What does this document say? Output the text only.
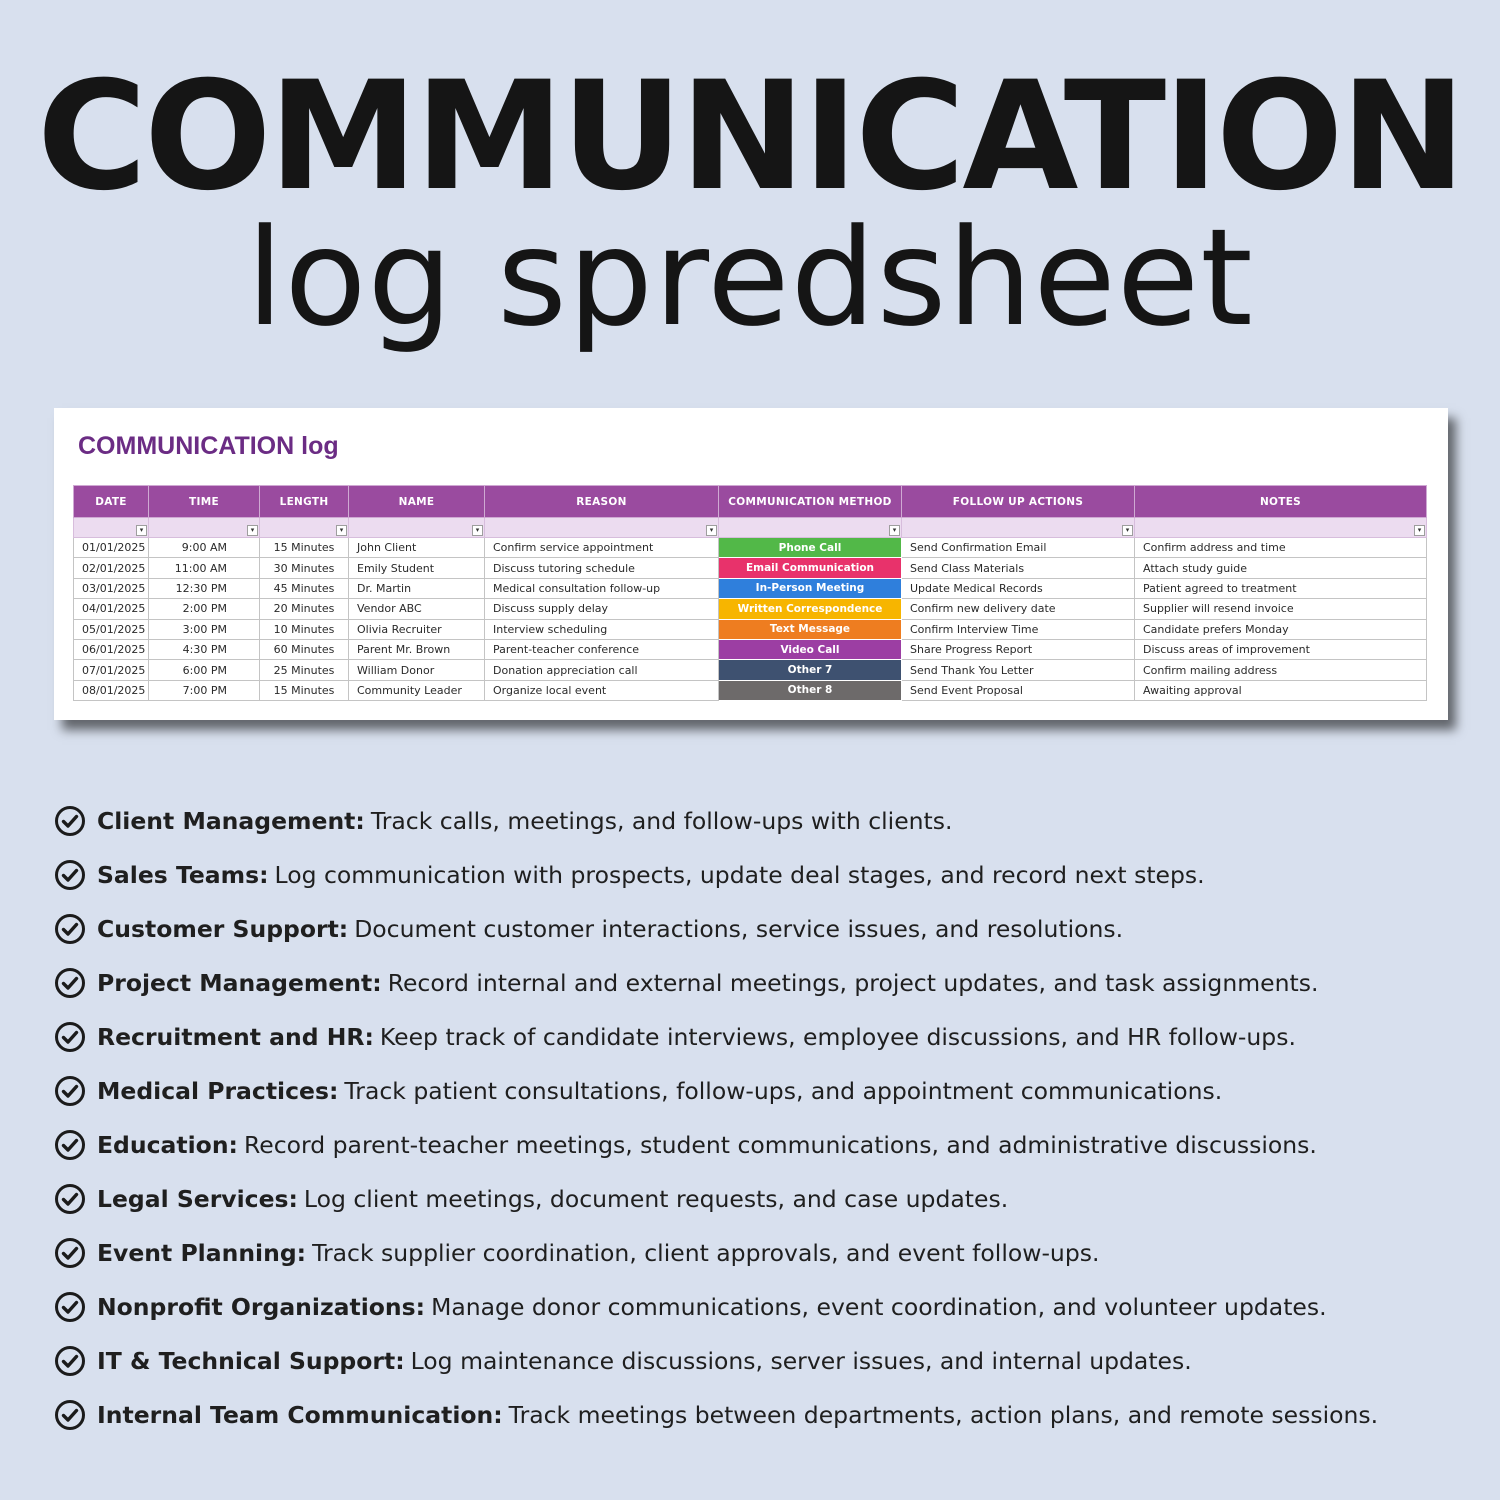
COMMUNICATION
log spredsheet
COMMUNICATION log
DATE	TIME	LENGTH	NAME	REASON	COMMUNICATION METHOD	FOLLOW UP ACTIONS	NOTES

▾	▾	▾	▾	▾	▾	▾	▾

01/01/2025	9:00 AM	15 Minutes	John Client	Confirm service appointment	Phone Call	Send Confirmation Email	Confirm address and time
02/01/2025	11:00 AM	30 Minutes	Emily Student	Discuss tutoring schedule	Email Communication	Send Class Materials	Attach study guide
03/01/2025	12:30 PM	45 Minutes	Dr. Martin	Medical consultation follow-up	In-Person Meeting	Update Medical Records	Patient agreed to treatment
04/01/2025	2:00 PM	20 Minutes	Vendor ABC	Discuss supply delay	Written Correspondence	Confirm new delivery date	Supplier will resend invoice
05/01/2025	3:00 PM	10 Minutes	Olivia Recruiter	Interview scheduling	Text Message	Confirm Interview Time	Candidate prefers Monday
06/01/2025	4:30 PM	60 Minutes	Parent Mr. Brown	Parent-teacher conference	Video Call	Share Progress Report	Discuss areas of improvement
07/01/2025	6:00 PM	25 Minutes	William Donor	Donation appreciation call	Other 7	Send Thank You Letter	Confirm mailing address
08/01/2025	7:00 PM	15 Minutes	Community Leader	Organize local event	Other 8	Send Event Proposal	Awaiting approval
Client Management: Track calls, meetings, and follow-ups with clients.
Sales Teams: Log communication with prospects, update deal stages, and record next steps.
Customer Support: Document customer interactions, service issues, and resolutions.
Project Management: Record internal and external meetings, project updates, and task assignments.
Recruitment and HR: Keep track of candidate interviews, employee discussions, and HR follow-ups.
Medical Practices: Track patient consultations, follow-ups, and appointment communications.
Education: Record parent-teacher meetings, student communications, and administrative discussions.
Legal Services: Log client meetings, document requests, and case updates.
Event Planning: Track supplier coordination, client approvals, and event follow-ups.
Nonprofit Organizations: Manage donor communications, event coordination, and volunteer updates.
IT & Technical Support: Log maintenance discussions, server issues, and internal updates.
Internal Team Communication: Track meetings between departments, action plans, and remote sessions.
